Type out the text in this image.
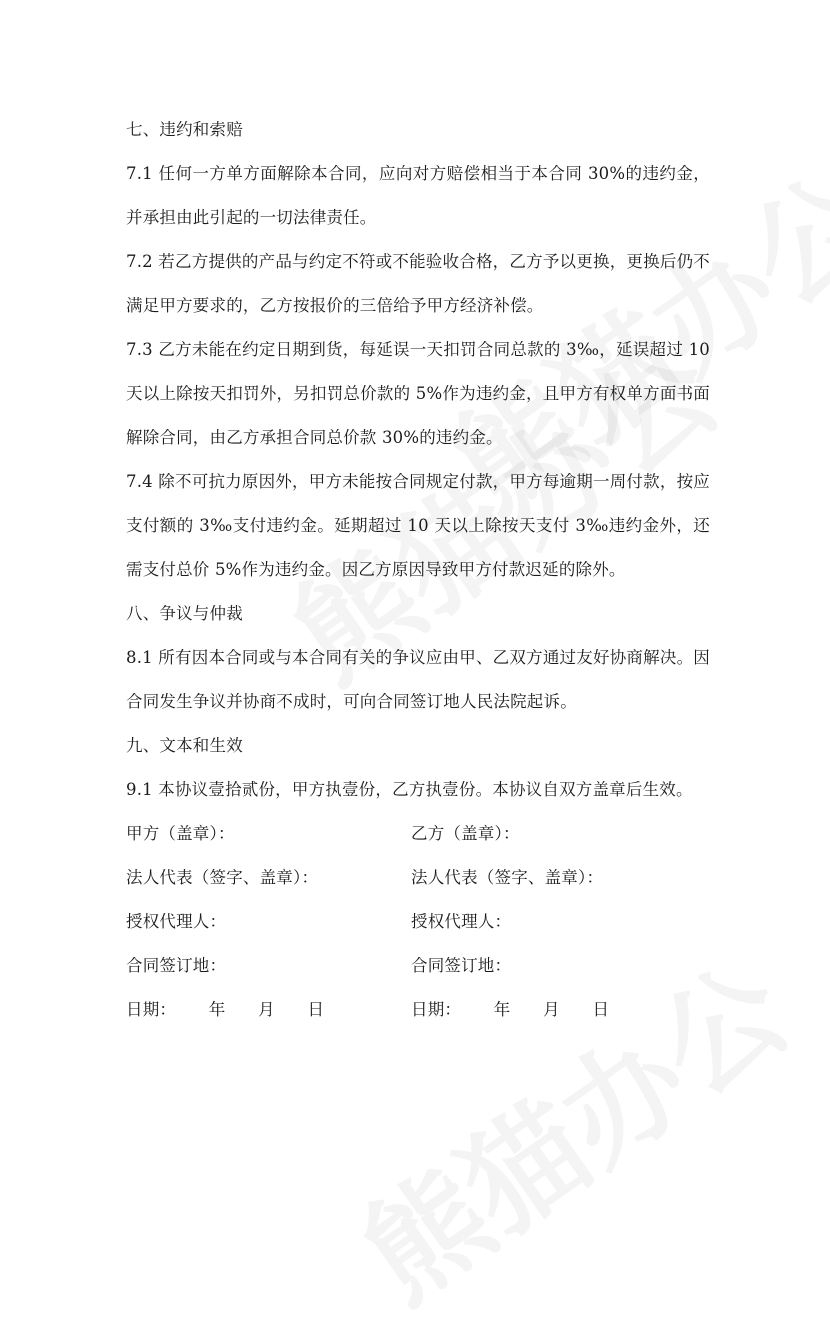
七、违约和索赔

7.1 任何一方单方面解除本合同，应向对方赔偿相当于本合同 30%的违约金，并承担由此引起的一切法律责任。

7.2 若乙方提供的产品与约定不符或不能验收合格，乙方予以更换，更换后仍不满足甲方要求的，乙方按报价的三倍给予甲方经济补偿。

7.3 乙方未能在约定日期到货，每延误一天扣罚合同总款的 3‰，延误超过 10 天以上除按天扣罚外，另扣罚总价款的 5%作为违约金，且甲方有权单方面书面解除合同，由乙方承担合同总价款 30%的违约金。

7.4 除不可抗力原因外，甲方未能按合同规定付款，甲方每逾期一周付款，按应支付额的 3‰支付违约金。延期超过 10 天以上除按天支付 3‰违约金外，还需支付总价 5%作为违约金。因乙方原因导致甲方付款迟延的除外。

八、争议与仲裁

8.1 所有因本合同或与本合同有关的争议应由甲、乙双方通过友好协商解决。因合同发生争议并协商不成时，可向合同签订地人民法院起诉。

九、文本和生效

9.1 本协议壹拾贰份，甲方执壹份，乙方执壹份。本协议自双方盖章后生效。

甲方（盖章）：	乙方（盖章）：
法人代表（签字、盖章）：	法人代表（签字、盖章）：
授权代理人：	授权代理人：
合同签订地：	合同签订地：
日期：      年      月      日	日期：      年      月      日
